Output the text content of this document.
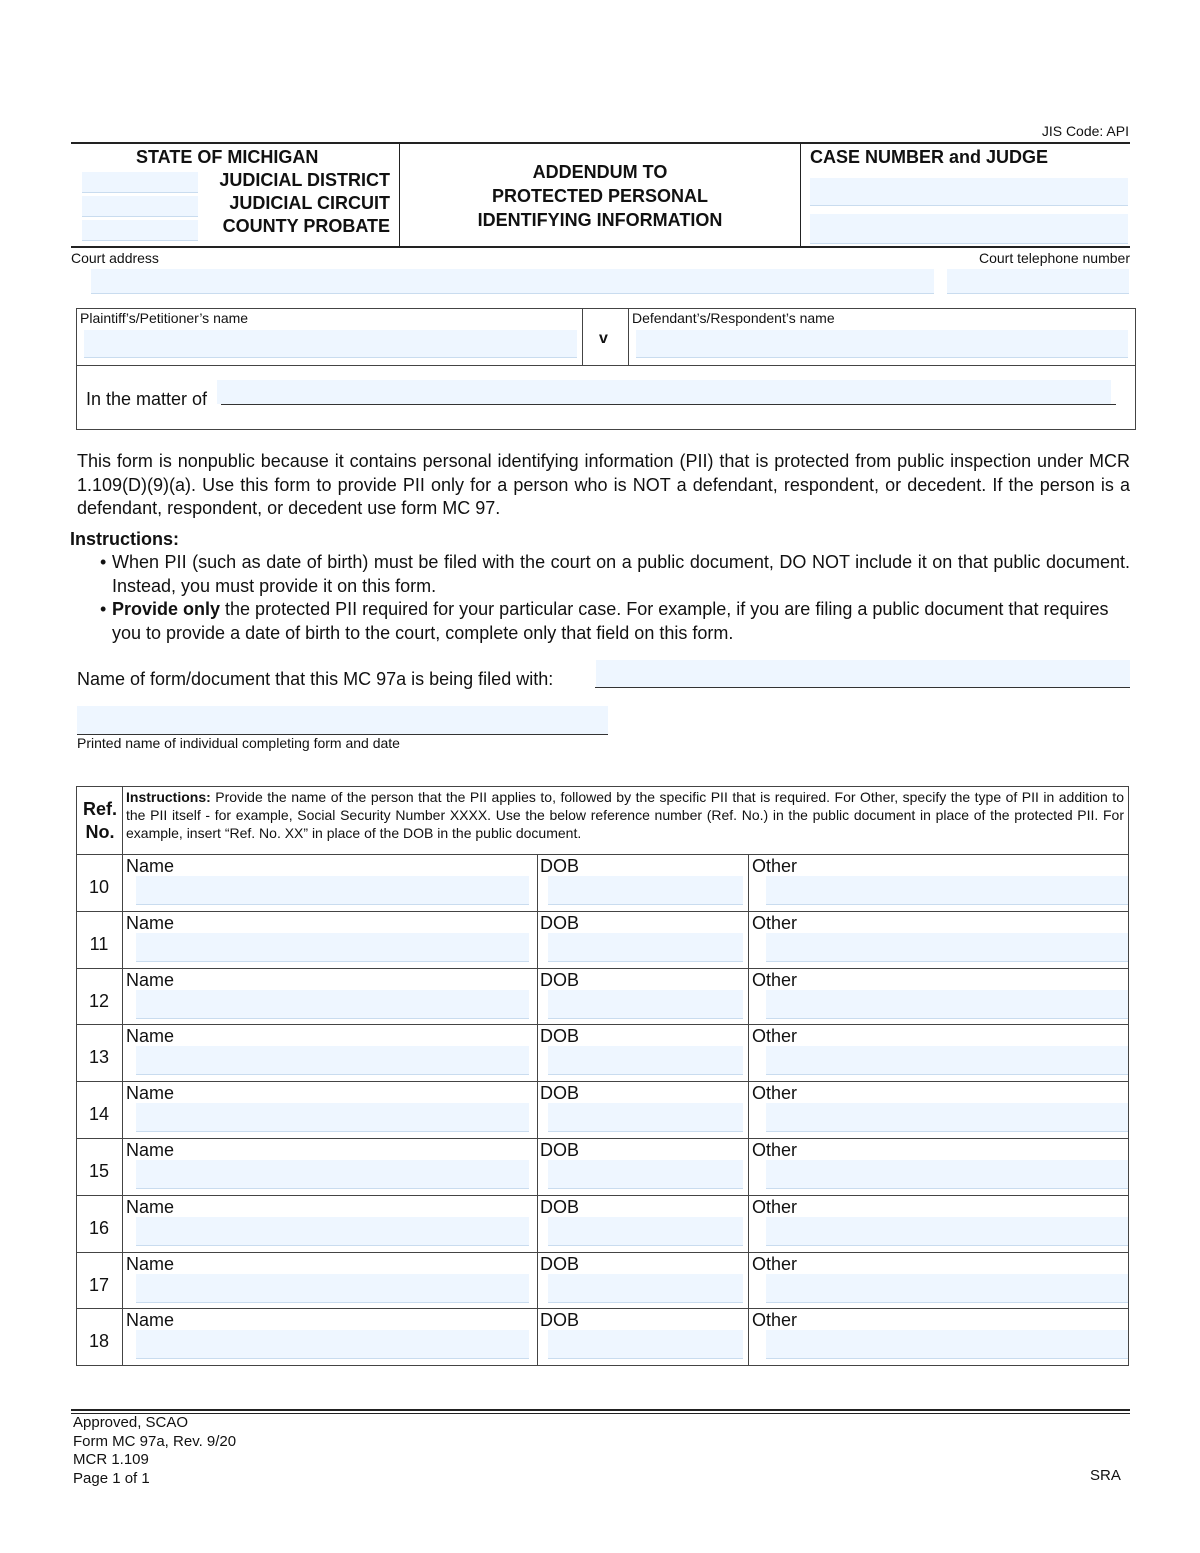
JIS Code: API
STATE OF MICHIGAN
JUDICIAL DISTRICT
JUDICIAL CIRCUIT
COUNTY PROBATE
ADDENDUM TO
PROTECTED PERSONAL
IDENTIFYING INFORMATION
CASE NUMBER and JUDGE
Court address	Court telephone number
Plaintiff’s/Petitioner’s name	Defendant’s/Respondent’s name
v
In the matter of
This form is nonpublic because it contains personal identifying information (PII) that is protected from public inspection under MCR 1.109(D)(9)(a). Use this form to provide PII only for a person who is NOT a defendant, respondent, or decedent. If the person is a defendant, respondent, or decedent use form MC 97.
Instructions:
• When PII (such as date of birth) must be filed with the court on a public document, DO NOT include it on that public document. Instead, you must provide it on this form.
• Provide only the protected PII required for your particular case. For example, if you are filing a public document that requires you to provide a date of birth to the court, complete only that field on this form.
Name of form/document that this MC 97a is being filed with:
Printed name of individual completing form and date
Ref.
No.
Instructions: Provide the name of the person that the PII applies to, followed by the specific PII that is required. For Other, specify the type of PII in addition to the PII itself - for example, Social Security Number XXXX. Use the below reference number (Ref. No.) in the public document in place of the protected PII. For example, insert “Ref. No. XX” in place of the DOB in the public document.
10
Name	DOB	Other
11
Name	DOB	Other
12
Name	DOB	Other
13
Name	DOB	Other
14
Name	DOB	Other
15
Name	DOB	Other
16
Name	DOB	Other
17
Name	DOB	Other
18
Name	DOB	Other
Approved, SCAO
Form MC 97a, Rev. 9/20
MCR 1.109
Page 1 of 1	SRA
